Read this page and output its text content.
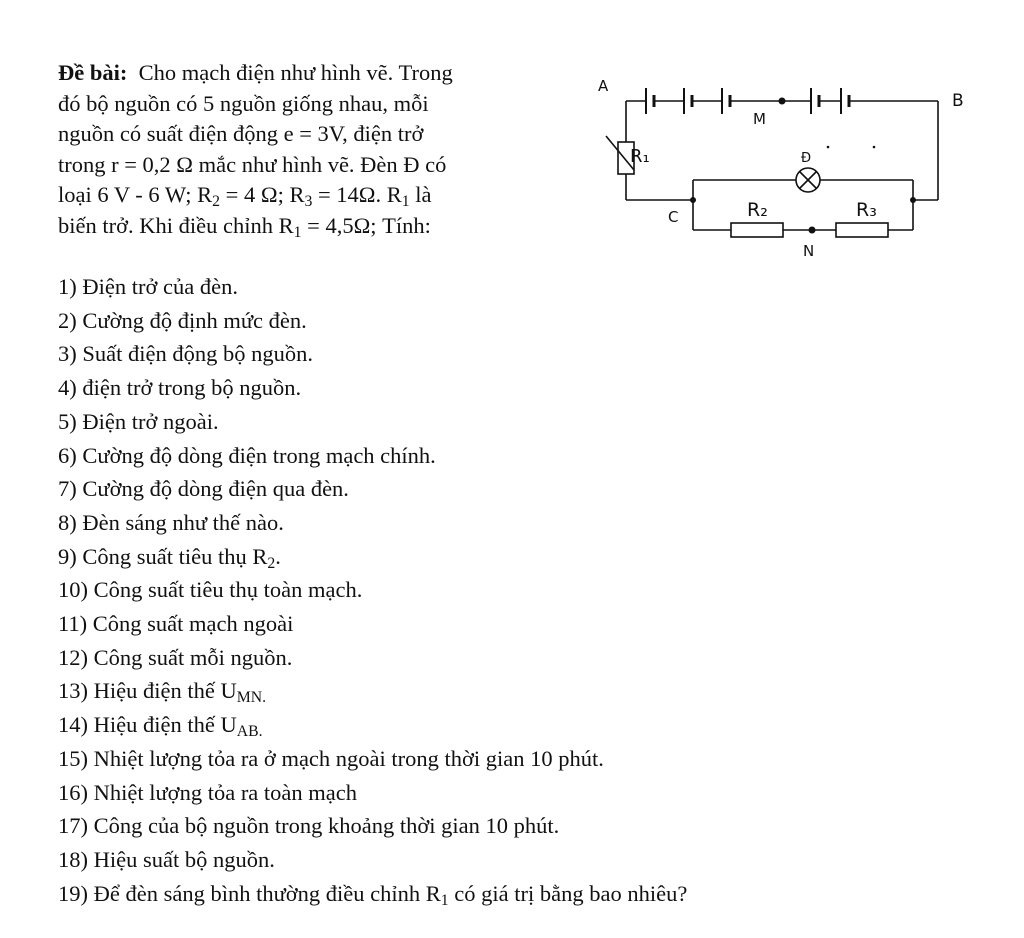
Đề bài: Cho mạch điện như hình vẽ. Trong

đó bộ nguồn có 5 nguồn giống nhau, mỗi

nguồn có suất điện động e = 3V, điện trở

trong r = 0,2 Ω mắc như hình vẽ. Đèn Đ có

loại 6 V - 6 W; $R_2 = 4$ Ω; $R_3 = 14\Omega$. $R_1$ là

biến trở. Khi điều chỉnh $R_1 = 4,5\Omega$; Tính:

1) Điện trở của đèn.
2) Cường độ định mức đèn.
3) Suất điện động bộ nguồn.
4) điện trở trong bộ nguồn.
5) Điện trở ngoài.
6) Cường độ dòng điện trong mạch chính.
7) Cường độ dòng điện qua đèn.
8) Đèn sáng như thế nào.
9) Công suất tiêu thụ $R_2$.
10) Công suất tiêu thụ toàn mạch.
11) Công suất mạch ngoài
12) Công suất mỗi nguồn.
13) Hiệu điện thế $U_{MN.}$
14) Hiệu điện thế $U_{AB.}$
15) Nhiệt lượng tỏa ra ở mạch ngoài trong thời gian 10 phút.
16) Nhiệt lượng tỏa ra toàn mạch
17) Công của bộ nguồn trong khoảng thời gian 10 phút.
18) Hiệu suất bộ nguồn.
19) Để đèn sáng bình thường điều chỉnh $R_1$ có giá trị bằng bao nhiêu?
A
B
M
R₁	Đ
C	R₂	R₃
N
